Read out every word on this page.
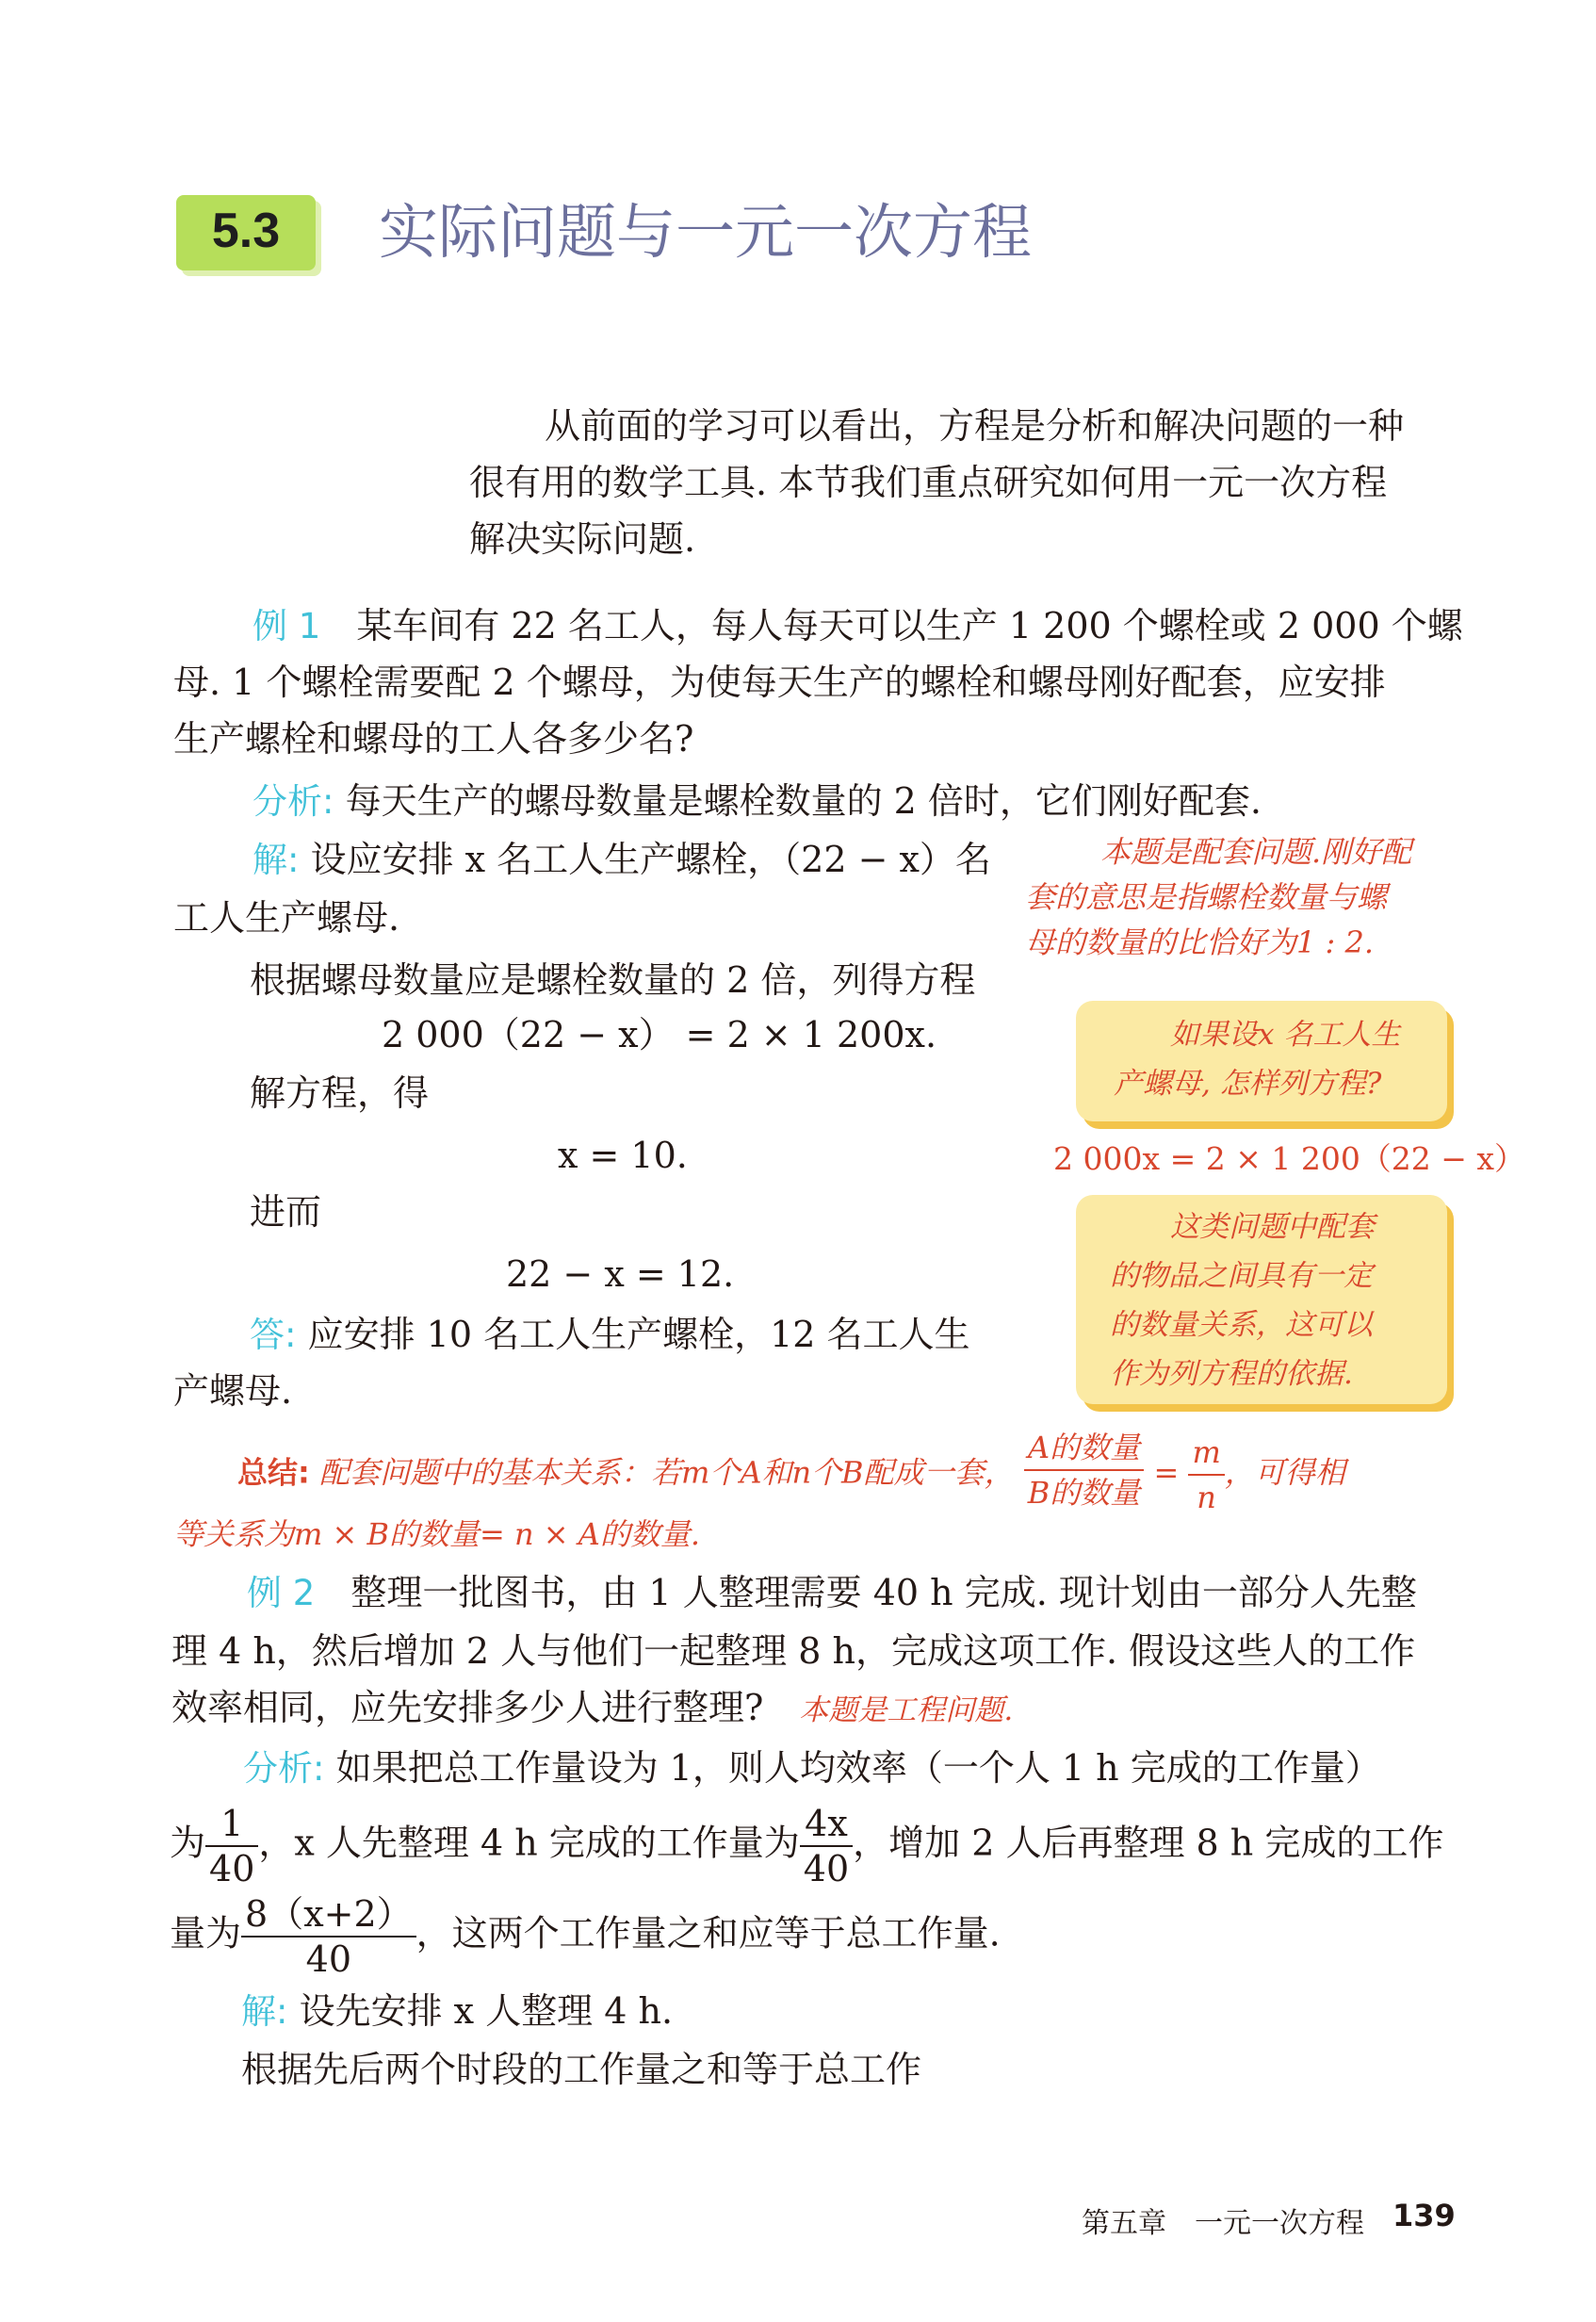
5.3	实际问题与一元一次方程
从前面的学习可以看出，方程是分析和解决问题的一种
很有用的数学工具. 本节我们重点研究如何用一元一次方程
解决实际问题.
例 1　 某车间有 22 名工人，每人每天可以生产 1 200 个螺栓或 2 000 个螺
母. 1 个螺栓需要配 2 个螺母，为使每天生产的螺栓和螺母刚好配套，应安排
生产螺栓和螺母的工人各多少名?
分析: 每天生产的螺母数量是螺栓数量的 2 倍时，它们刚好配套.
解: 设应安排 x 名工人生产螺栓，（22 − x）名
工人生产螺母.
根据螺母数量应是螺栓数量的 2 倍，列得方程
2 000（22 − x） = 2 × 1 200x.
解方程，得
x = 10.
进而
22 − x = 12.
答: 应安排 10 名工人生产螺栓，12 名工人生
产螺母.
本题是配套问题.刚好配
套的意思是指螺栓数量与螺
母的数量的比恰好为1 : 2.
如果设x 名工人生
产螺母, 怎样列方程?
2 000x = 2 × 1 200（22 − x）
这类问题中配套
的物品之间具有一定
的数量关系，这可以
作为列方程的依据.
总结: 配套问题中的基本关系：若m个A和n个B配成一套， $\frac{\text{A的数量}}{\text{B的数量}} = \frac{m}{n}$ ，可得相
等关系为m × B的数量= n × A的数量.
例 2　 整理一批图书，由 1 人整理需要 40 h 完成. 现计划由一部分人先整
理 4 h，然后增加 2 人与他们一起整理 8 h，完成这项工作. 假设这些人的工作
效率相同，应先安排多少人进行整理?　 本题是工程问题.
分析: 如果把总工作量设为 1，则人均效率（一个人 1 h 完成的工作量）
为 $\frac{1}{40}$ ，x 人先整理 4 h 完成的工作量为 $\frac{4x}{40}$ ，增加 2 人后再整理 8 h 完成的工作
量为 $\frac{8(x+2)}{40}$ ，这两个工作量之和应等于总工作量.
解: 设先安排 x 人整理 4 h.
根据先后两个时段的工作量之和等于总工作
第五章　一元一次方程 139
